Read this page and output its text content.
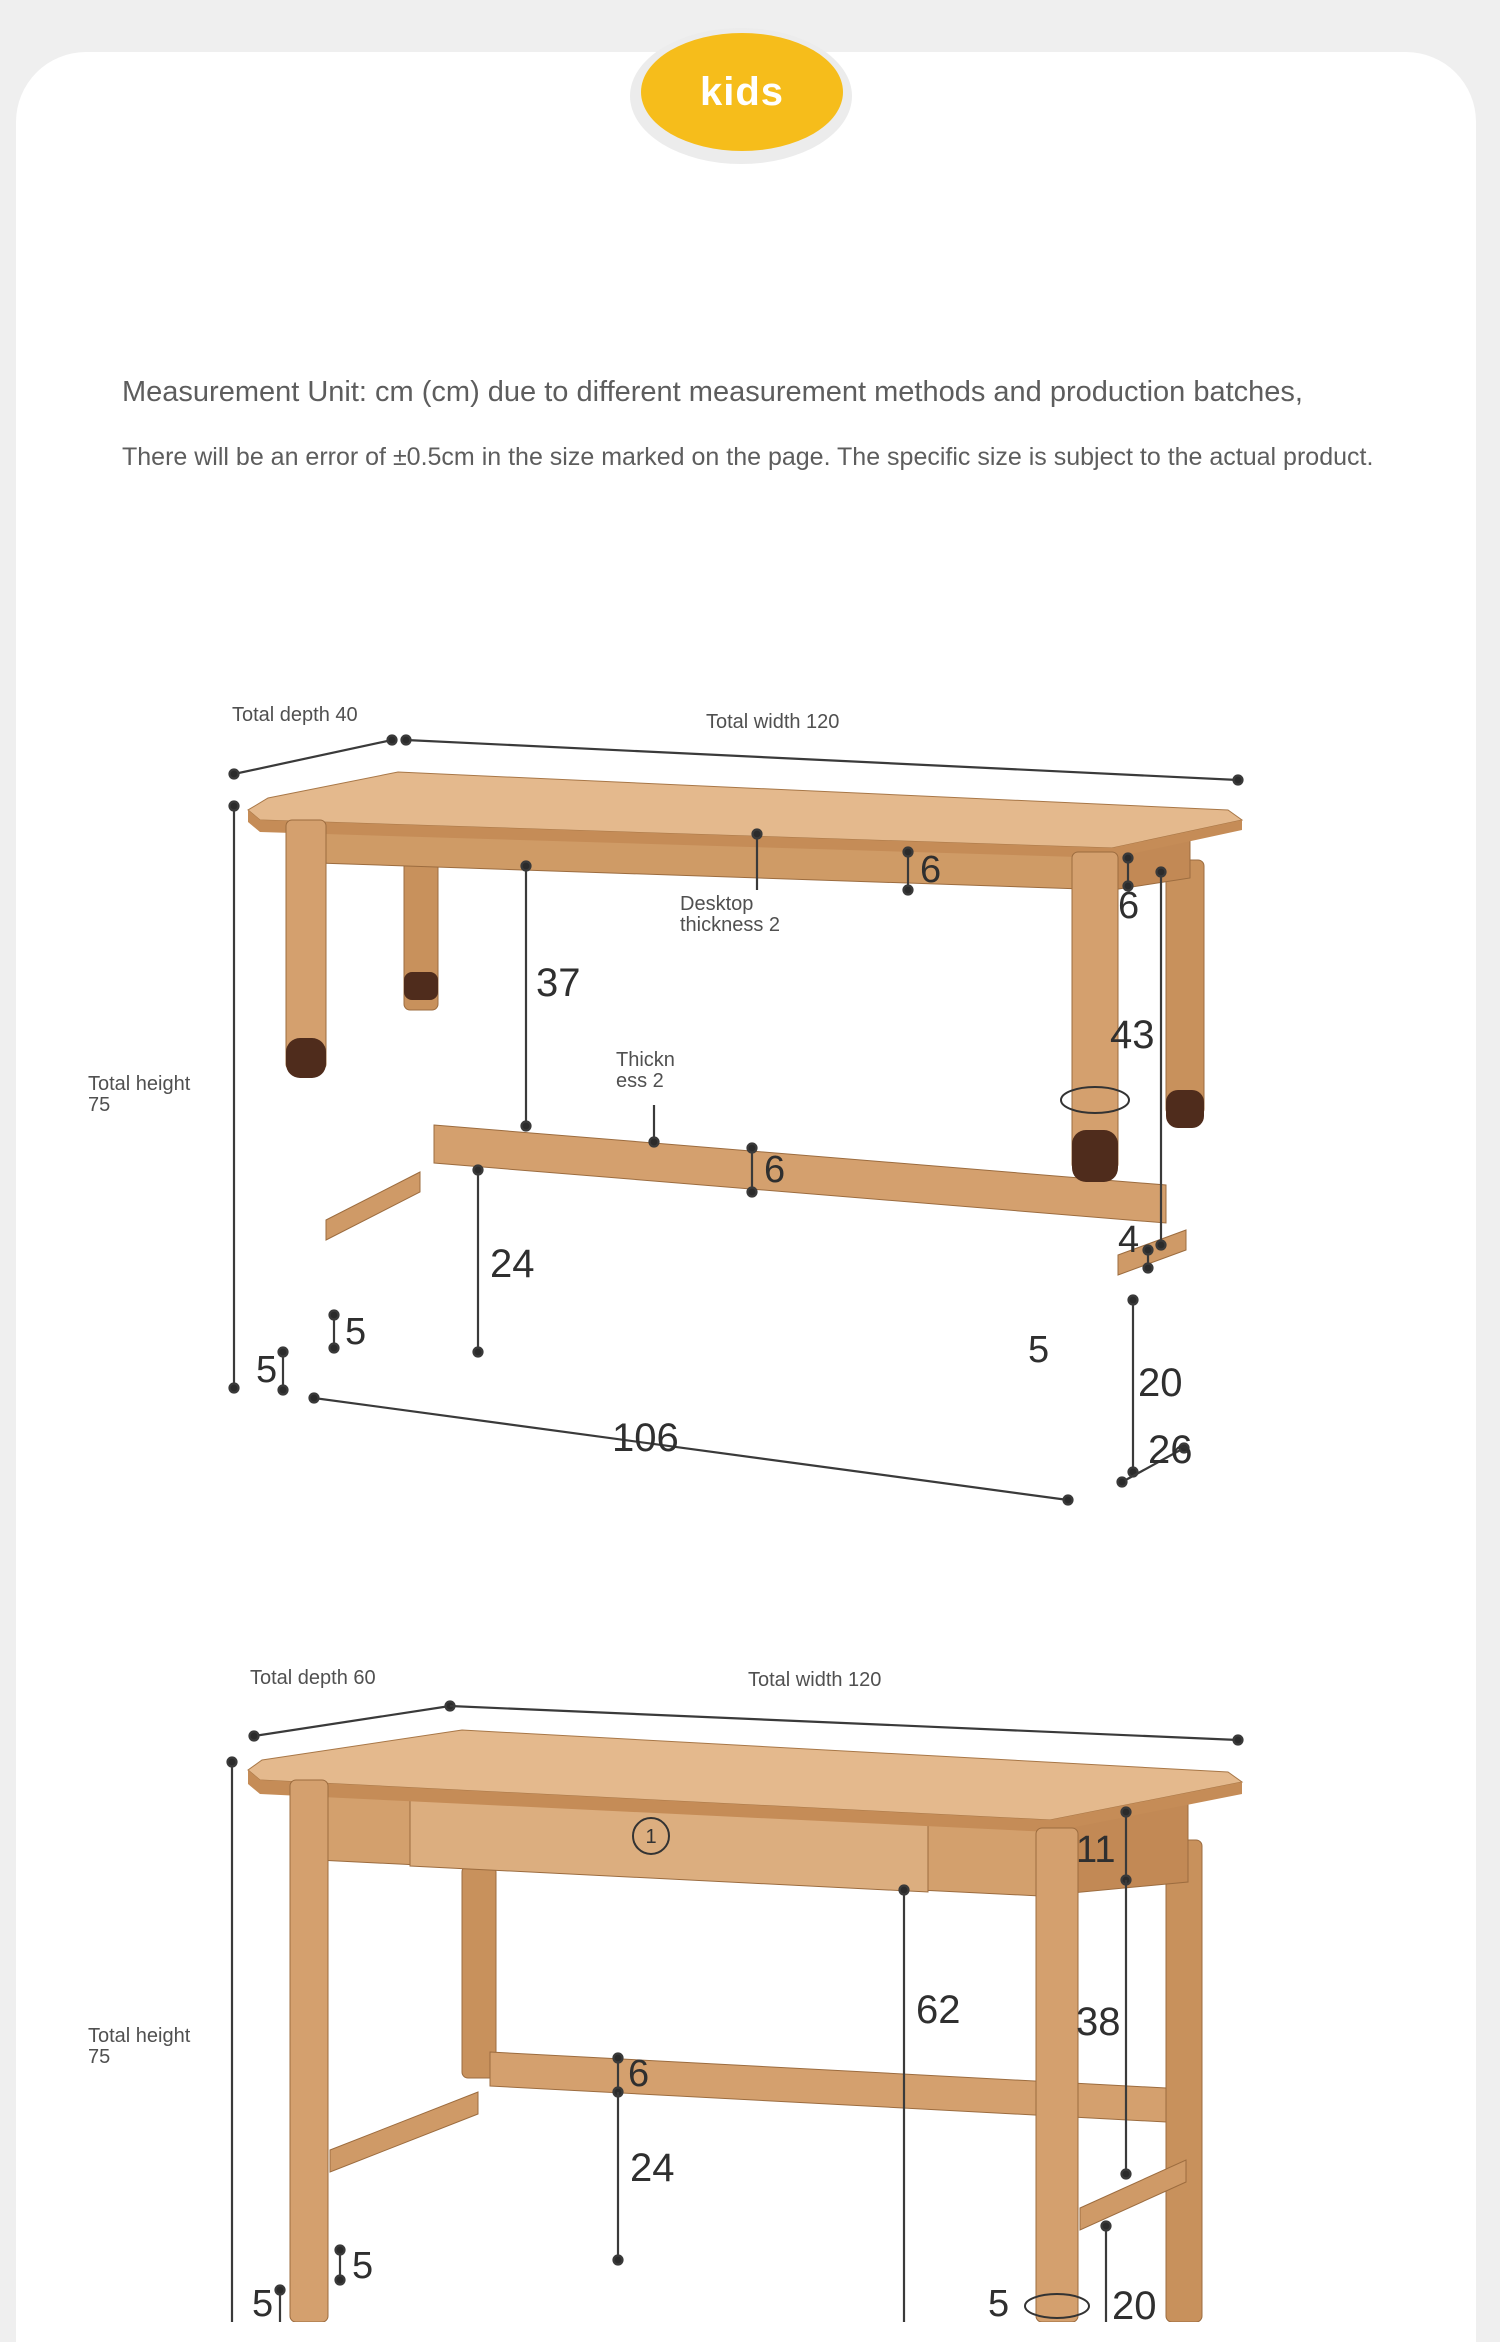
kids
Measurement Unit: cm (cm) due to different measurement methods and production batches,
There will be an error of ±0.5cm in the size marked on the page. The specific size is subject to the actual product.
Total depth 40	Total width 120
Total height 75
Desktop thickness 2
Thickn ess 2
6
6
37
43
6
4
24
5
5	5
20
106	26
1
Total depth 60	Total width 120
Total height 75
11
62	38
6
24
5
5	5	20
